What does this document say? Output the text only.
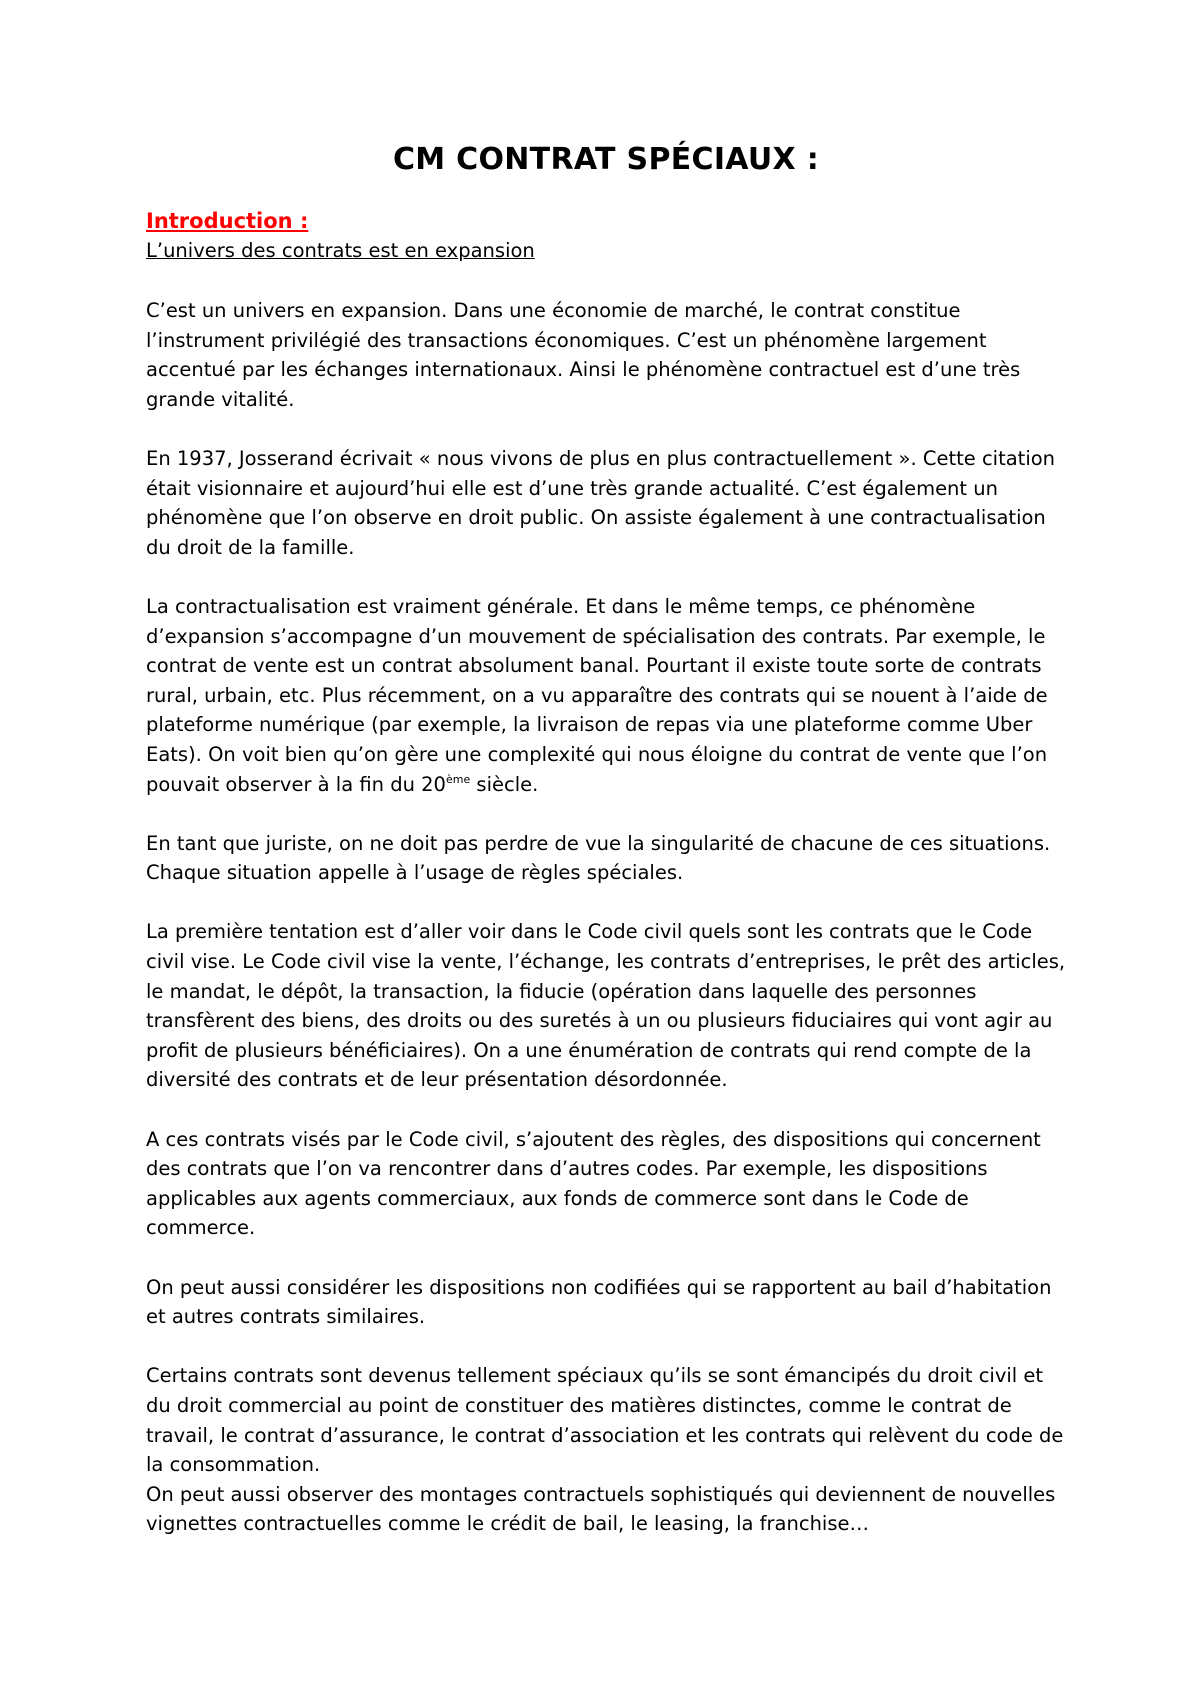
CM CONTRAT SPÉCIAUX :
Introduction :
L’univers des contrats est en expansion

C’est un univers en expansion. Dans une économie de marché, le contrat constitue l’instrument privilégié des transactions économiques. C’est un phénomène largement accentué par les échanges internationaux. Ainsi le phénomène contractuel est d’une très grande vitalité.

En 1937, Josserand écrivait « nous vivons de plus en plus contractuellement ». Cette citation était visionnaire et aujourd’hui elle est d’une très grande actualité. C’est également un phénomène que l’on observe en droit public. On assiste également à une contractualisation du droit de la famille.

La contractualisation est vraiment générale. Et dans le même temps, ce phénomène d’expansion s’accompagne d’un mouvement de spécialisation des contrats. Par exemple, le contrat de vente est un contrat absolument banal. Pourtant il existe toute sorte de contrats rural, urbain, etc. Plus récemment, on a vu apparaître des contrats qui se nouent à l’aide de plateforme numérique (par exemple, la livraison de repas via une plateforme comme Uber Eats). On voit bien qu’on gère une complexité qui nous éloigne du contrat de vente que l’on pouvait observer à la fin du 20ème siècle.

En tant que juriste, on ne doit pas perdre de vue la singularité de chacune de ces situations. Chaque situation appelle à l’usage de règles spéciales.

La première tentation est d’aller voir dans le Code civil quels sont les contrats que le Code civil vise. Le Code civil vise la vente, l’échange, les contrats d’entreprises, le prêt des articles, le mandat, le dépôt, la transaction, la fiducie (opération dans laquelle des personnes transfèrent des biens, des droits ou des suretés à un ou plusieurs fiduciaires qui vont agir au profit de plusieurs bénéficiaires). On a une énumération de contrats qui rend compte de la diversité des contrats et de leur présentation désordonnée.

A ces contrats visés par le Code civil, s’ajoutent des règles, des dispositions qui concernent des contrats que l’on va rencontrer dans d’autres codes. Par exemple, les dispositions applicables aux agents commerciaux, aux fonds de commerce sont dans le Code de commerce.

On peut aussi considérer les dispositions non codifiées qui se rapportent au bail d’habitation et autres contrats similaires.

Certains contrats sont devenus tellement spéciaux qu’ils se sont émancipés du droit civil et du droit commercial au point de constituer des matières distinctes, comme le contrat de travail, le contrat d’assurance, le contrat d’association et les contrats qui relèvent du code de la consommation.

On peut aussi observer des montages contractuels sophistiqués qui deviennent de nouvelles vignettes contractuelles comme le crédit de bail, le leasing, la franchise…
